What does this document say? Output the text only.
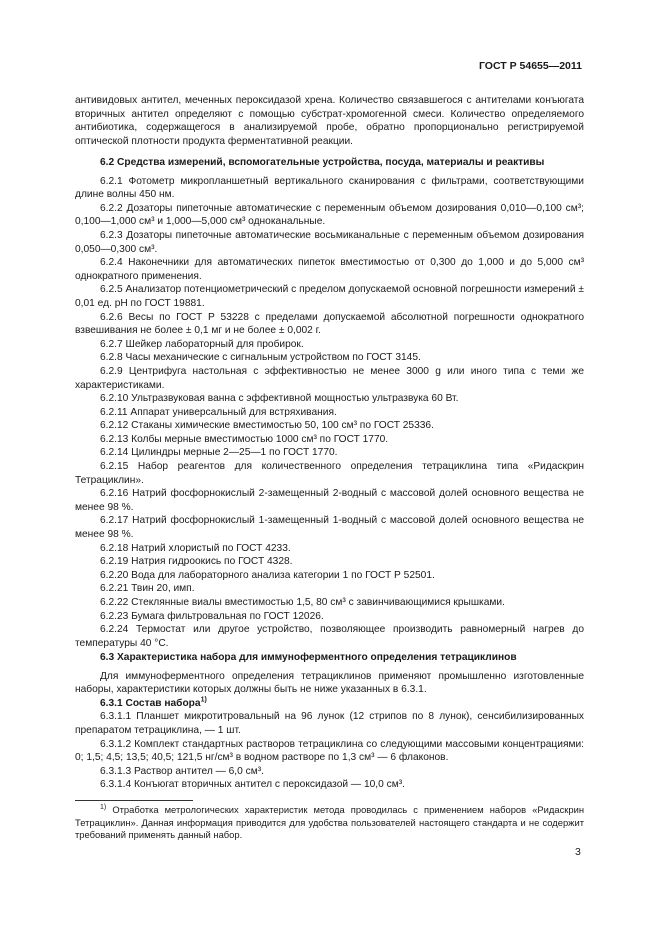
ГОСТ Р 54655—2011

антивидовых антител, меченных пероксидазой хрена. Количество связавшегося с антителами конъюгата вторичных антител определяют с помощью субстрат-хромогенной смеси. Количество определяемого антибиотика, содержащегося в анализируемой пробе, обратно пропорционально регистрируемой оптической плотности продукта ферментативной реакции.

6.2 Средства измерений, вспомогательные устройства, посуда, материалы и реактивы

6.2.1 Фотометр микропланшетный вертикального сканирования с фильтрами, соответствующими длине волны 450 нм.

6.2.2 Дозаторы пипеточные автоматические с переменным объемом дозирования 0,010—0,100 см³; 0,100—1,000 см³ и 1,000—5,000 см³ одноканальные.

6.2.3 Дозаторы пипеточные автоматические восьмиканальные с переменным объемом дозирования 0,050—0,300 см³.

6.2.4 Наконечники для автоматических пипеток вместимостью от 0,300 до 1,000 и до 5,000 см³ однократного применения.

6.2.5 Анализатор потенциометрический с пределом допускаемой основной погрешности измерений ± 0,01 ед. рН по ГОСТ 19881.

6.2.6 Весы по ГОСТ Р 53228 с пределами допускаемой абсолютной погрешности однократного взвешивания не более ± 0,1 мг и не более ± 0,002 г.

6.2.7 Шейкер лабораторный для пробирок.

6.2.8 Часы механические с сигнальным устройством по ГОСТ 3145.

6.2.9 Центрифуга настольная с эффективностью не менее 3000 g или иного типа с теми же характеристиками.

6.2.10 Ультразвуковая ванна с эффективной мощностью ультразвука 60 Вт.

6.2.11 Аппарат универсальный для встряхивания.

6.2.12 Стаканы химические вместимостью 50, 100 см³ по ГОСТ 25336.

6.2.13 Колбы мерные вместимостью 1000 см³ по ГОСТ 1770.

6.2.14 Цилиндры мерные 2—25—1 по ГОСТ 1770.

6.2.15 Набор реагентов для количественного определения тетрациклина типа «Ридаскрин Тетрациклин».

6.2.16 Натрий фосфорнокислый 2-замещенный 2-водный с массовой долей основного вещества не менее 98 %.

6.2.17 Натрий фосфорнокислый 1-замещенный 1-водный с массовой долей основного вещества не менее 98 %.

6.2.18 Натрий хлористый по ГОСТ 4233.

6.2.19 Натрия гидроокись по ГОСТ 4328.

6.2.20 Вода для лабораторного анализа категории 1 по ГОСТ Р 52501.

6.2.21 Твин 20, имп.

6.2.22 Стеклянные виалы вместимостью 1,5, 80 см³ с завинчивающимися крышками.

6.2.23 Бумага фильтровальная по ГОСТ 12026.

6.2.24 Термостат или другое устройство, позволяющее производить равномерный нагрев до температуры 40 °С.

6.3 Характеристика набора для иммуноферментного определения тетрациклинов

Для иммуноферментного определения тетрациклинов применяют промышленно изготовленные наборы, характеристики которых должны быть не ниже указанных в 6.3.1.

6.3.1 Состав набора$^{1)}$

6.3.1.1 Планшет микротитровальный на 96 лунок (12 стрипов по 8 лунок), сенсибилизированных препаратом тетрациклина, — 1 шт.

6.3.1.2 Комплект стандартных растворов тетрациклина со следующими массовыми концентрациями: 0; 1,5; 4,5; 13,5; 40,5; 121,5 нг/см³ в водном растворе по 1,3 см³ — 6 флаконов.

6.3.1.3 Раствор антител — 6,0 см³.

6.3.1.4 Конъюгат вторичных антител с пероксидазой — 10,0 см³.

$^{1)}$ Отработка метрологических характеристик метода проводилась с применением наборов «Ридаскрин Тетрациклин». Данная информация приводится для удобства пользователей настоящего стандарта и не содержит требований применять данный набор.

3
